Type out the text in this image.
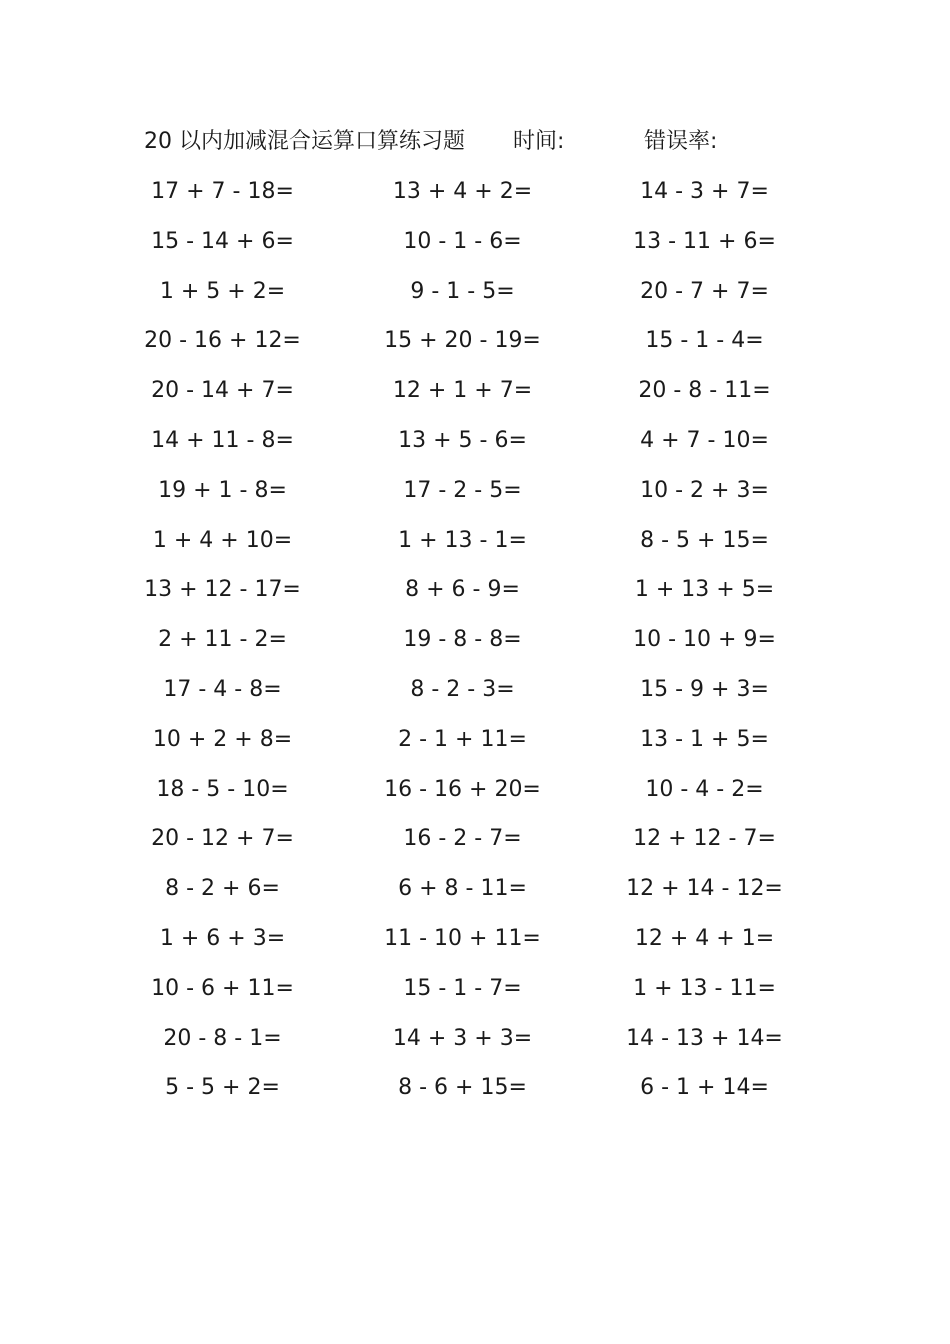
20 以内加减混合运算口算练习题 时间:	错误率:
17 + 7 - 18=	13 + 4 + 2=	14 - 3 + 7=
15 - 14 + 6=	10 - 1 - 6=	13 - 11 + 6=
1 + 5 + 2=	9 - 1 - 5=	20 - 7 + 7=
20 - 16 + 12=	15 + 20 - 19=	15 - 1 - 4=
20 - 14 + 7=	12 + 1 + 7=	20 - 8 - 11=
14 + 11 - 8=	13 + 5 - 6=	4 + 7 - 10=
19 + 1 - 8=	17 - 2 - 5=	10 - 2 + 3=
1 + 4 + 10=	1 + 13 - 1=	8 - 5 + 15=
13 + 12 - 17=	8 + 6 - 9=	1 + 13 + 5=
2 + 11 - 2=	19 - 8 - 8=	10 - 10 + 9=
17 - 4 - 8=	8 - 2 - 3=	15 - 9 + 3=
10 + 2 + 8=	2 - 1 + 11=	13 - 1 + 5=
18 - 5 - 10=	16 - 16 + 20=	10 - 4 - 2=
20 - 12 + 7=	16 - 2 - 7=	12 + 12 - 7=
8 - 2 + 6=	6 + 8 - 11=	12 + 14 - 12=
1 + 6 + 3=	11 - 10 + 11=	12 + 4 + 1=
10 - 6 + 11=	15 - 1 - 7=	1 + 13 - 11=
20 - 8 - 1=	14 + 3 + 3=	14 - 13 + 14=
5 - 5 + 2=	8 - 6 + 15=	6 - 1 + 14=
